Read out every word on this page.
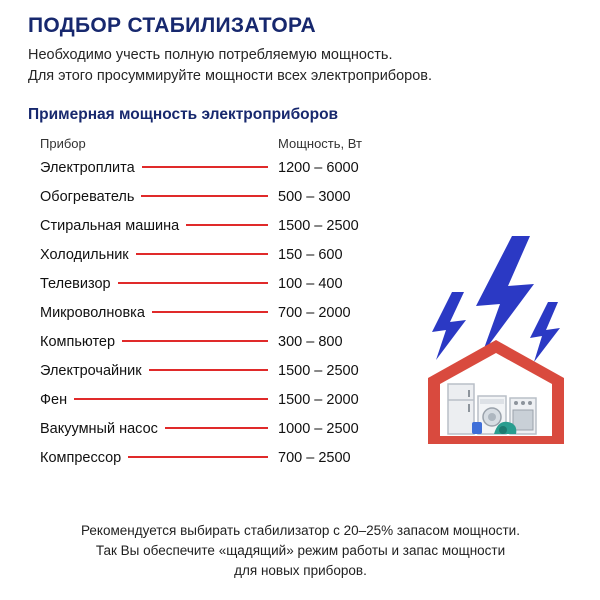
ПОДБОР СТАБИЛИЗАТОРА
Необходимо учесть полную потребляемую мощность.
Для этого просуммируйте мощности всех электроприборов.
Примерная мощность электроприборов
Прибор	Мощность, Вт
Электроплита	1200 – 6000
Обогреватель	500 – 3000
Стиральная машина	1500 – 2500
Холодильник	150 – 600
Телевизор	100 – 400
Микроволновка	700 – 2000
Компьютер	300 – 800
Электрочайник	1500 – 2500
Фен	1500 – 2000
Вакуумный насос	1000 – 2500
Компрессор	700 – 2500
Рекомендуется выбирать стабилизатор с 20–25% запасом мощности.
Так Вы обеспечите «щадящий» режим работы и запас мощности
для новых приборов.
